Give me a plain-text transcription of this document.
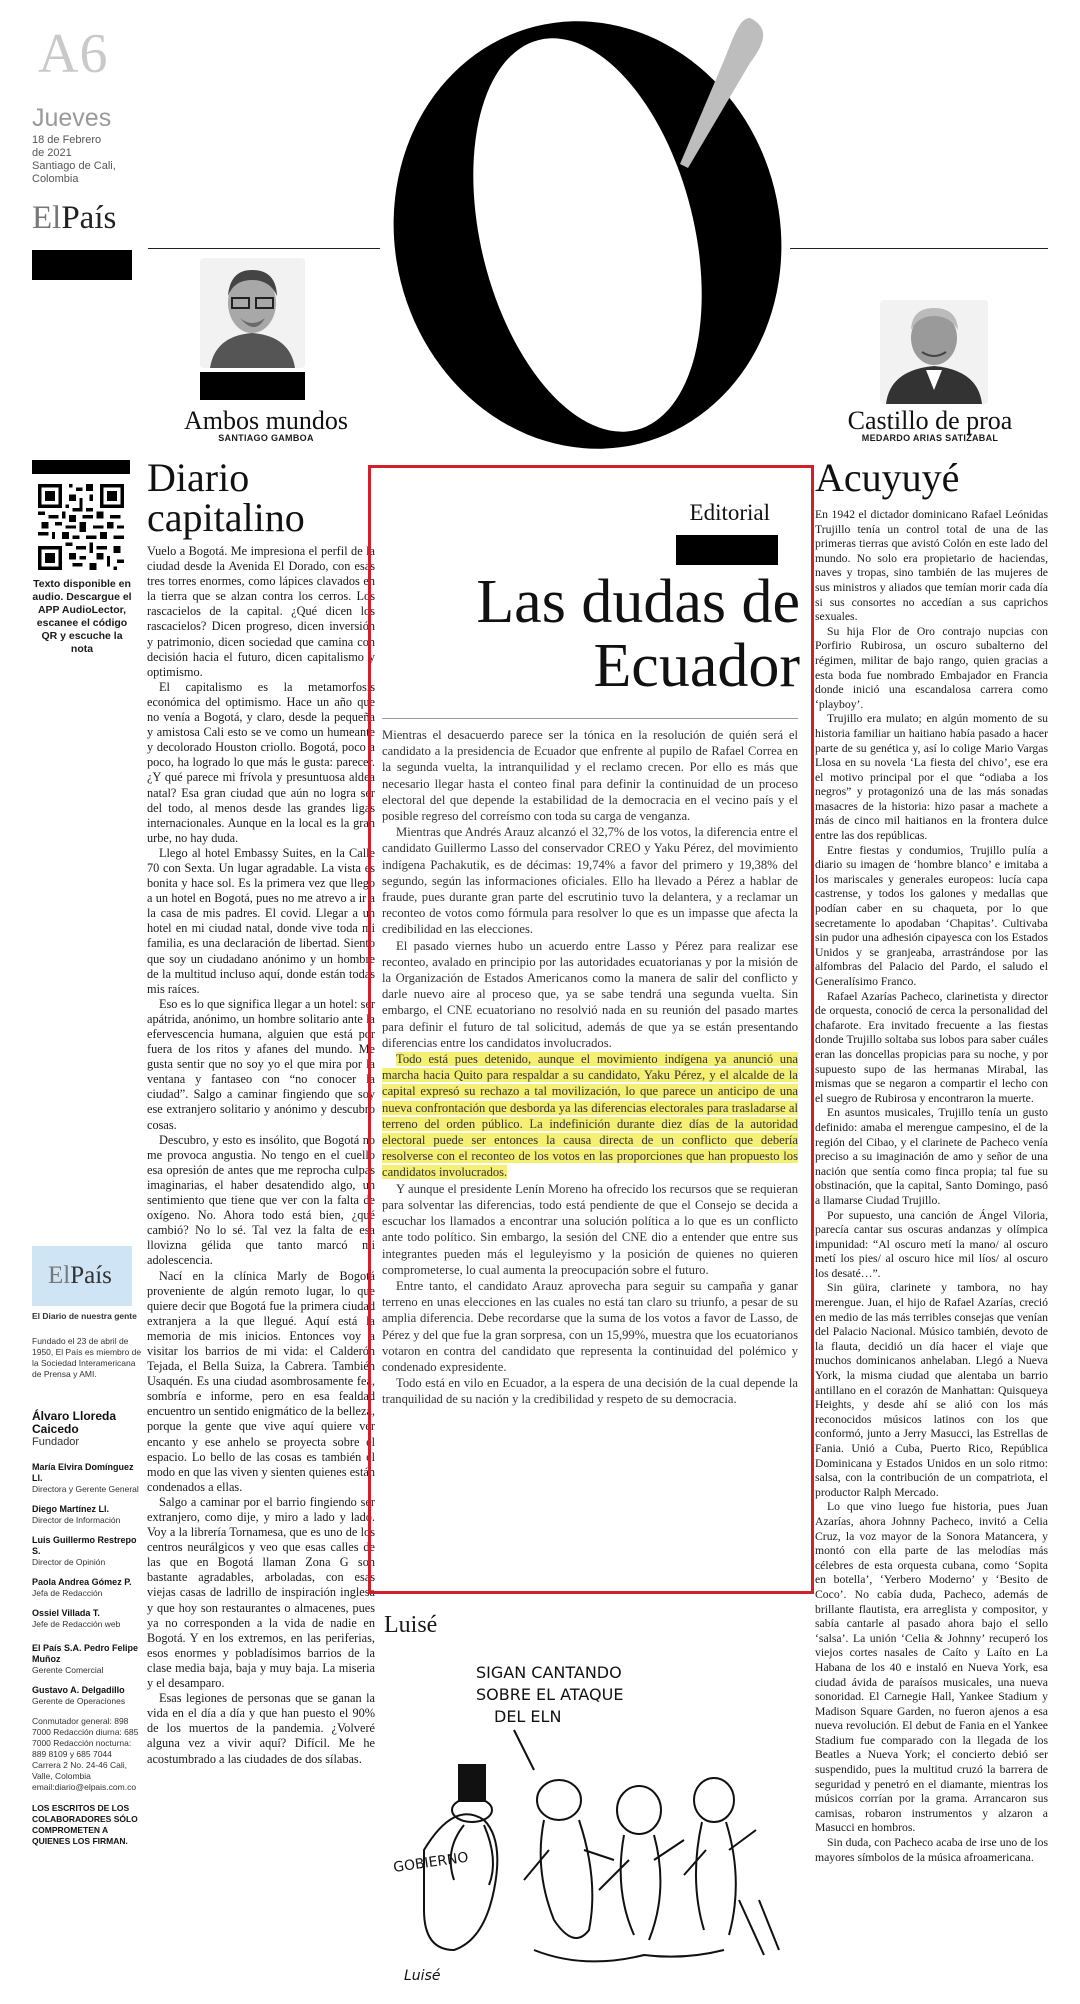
A6
Jueves
18 de Febrero
de 2021
Santiago de Cali,
Colombia
ElPaís
Ambos mundos
SANTIAGO GAMBOA
Castillo de proa
MEDARDO ARIAS SATIZABAL
Texto disponible en audio. Descargue el APP AudioLector, escanee el código QR y escuche la nota
Diario capitalino

Vuelo a Bogotá. Me impresiona el perfil de la ciudad desde la Avenida El Dorado, con esas tres torres enormes, como lápices clavados en la tierra que se alzan contra los cerros. Los rascacielos de la capital. ¿Qué dicen los rascacielos? Dicen progreso, dicen inversión y patrimonio, dicen sociedad que camina con decisión hacia el futuro, dicen capitalismo y optimismo.

El capitalismo es la metamorfosis económica del optimismo. Hace un año que no venía a Bogotá, y claro, desde la pequeña y amistosa Cali esto se ve como un humeante y decolorado Houston criollo. Bogotá, poco a poco, ha logrado lo que más le gusta: parecer. ¿Y qué parece mi frívola y presuntuosa aldea natal? Esa gran ciudad que aún no logra ser del todo, al menos desde las grandes ligas internacionales. Aunque en la local es la gran urbe, no hay duda.

Llego al hotel Embassy Suites, en la Calle 70 con Sexta. Un lugar agradable. La vista es bonita y hace sol. Es la primera vez que llego a un hotel en Bogotá, pues no me atrevo a ir a la casa de mis padres. El covid. Llegar a un hotel en mi ciudad natal, donde vive toda mi familia, es una declaración de libertad. Siento que soy un ciudadano anónimo y un hombre de la multitud incluso aquí, donde están todas mis raíces.

Eso es lo que significa llegar a un hotel: ser apátrida, anónimo, un hombre solitario ante la efervescencia humana, alguien que está por fuera de los ritos y afanes del mundo. Me gusta sentir que no soy yo el que mira por la ventana y fantaseo con “no conocer la ciudad”. Salgo a caminar fingiendo que soy ese extranjero solitario y anónimo y descubro cosas.

Descubro, y esto es insólito, que Bogotá no me provoca angustia. No tengo en el cuello esa opresión de antes que me reprocha culpas imaginarias, el haber desatendido algo, un sentimiento que tiene que ver con la falta de oxígeno. No. Ahora todo está bien, ¿qué cambió? No lo sé. Tal vez la falta de esa llovizna gélida que tanto marcó mi adolescencia.

Nací en la clínica Marly de Bogotá proveniente de algún remoto lugar, lo que quiere decir que Bogotá fue la primera ciudad extranjera a la que llegué. Aquí está la memoria de mis inicios. Entonces voy a visitar los barrios de mi vida: el Calderón Tejada, el Bella Suiza, la Cabrera. También Usaquén. Es una ciudad asombrosamente fea, sombría e informe, pero en esa fealdad encuentro un sentido enigmático de la belleza, porque la gente que vive aquí quiere ver encanto y ese anhelo se proyecta sobre el espacio. Lo bello de las cosas es también el modo en que las viven y sienten quienes están condenados a ellas.

Salgo a caminar por el barrio fingiendo ser extranjero, como dije, y miro a lado y lado. Voy a la librería Tornamesa, que es uno de los centros neurálgicos y veo que esas calles de las que en Bogotá llaman Zona G son bastante agradables, arboladas, con esas viejas casas de ladrillo de inspiración inglesa y que hoy son restaurantes o almacenes, pues ya no corresponden a la vida de nadie en Bogotá. Y en los extremos, en las periferias, esos enormes y pobladísimos barrios de la clase media baja, baja y muy baja. La miseria y el desamparo.

Esas legiones de personas que se ganan la vida en el día a día y que han puesto el 90% de los muertos de la pandemia. ¿Volveré alguna vez a vivir aquí? Difícil. Me he acostumbrado a las ciudades de dos sílabas.

ElPaís
El Diario de nuestra gente
Fundado el 23 de abril de 1950, El País es miembro de la Sociedad Interamericana de Prensa y AMI.
Álvaro Lloreda Caicedo
Fundador
María Elvira Domínguez Ll.
Directora y Gerente General
Diego Martínez Ll.
Director de Información
Luis Guillermo Restrepo S.
Director de Opinión
Paola Andrea Gómez P.
Jefa de Redacción
Ossiel Villada T.
Jefe de Redacción web
El País S.A. Pedro Felipe Muñoz
Gerente Comercial
Gustavo A. Delgadillo
Gerente de Operaciones
Conmutador general: 898 7000 Redacción diurna: 685 7000 Redacción nocturna: 889 8109 y 685 7044 Carrera 2 No. 24-46 Cali, Valle, Colombia email:diario@elpais.com.co
LOS ESCRITOS DE LOS COLABORADORES SÓLO COMPROMETEN A QUIENES LOS FIRMAN.
Editorial
Las dudas de Ecuador

Mientras el desacuerdo parece ser la tónica en la resolución de quién será el candidato a la presidencia de Ecuador que enfrente al pupilo de Rafael Correa en la segunda vuelta, la intranquilidad y el reclamo crecen. Por ello es más que necesario llegar hasta el conteo final para definir la continuidad de un proceso electoral del que depende la estabilidad de la democracia en el vecino país y el posible regreso del correísmo con toda su carga de venganza.

Mientras que Andrés Arauz alcanzó el 32,7% de los votos, la diferencia entre el candidato Guillermo Lasso del conservador CREO y Yaku Pérez, del movimiento indígena Pachakutik, es de décimas: 19,74% a favor del primero y 19,38% del segundo, según las informaciones oficiales. Ello ha llevado a Pérez a hablar de fraude, pues durante gran parte del escrutinio tuvo la delantera, y a reclamar un reconteo de votos como fórmula para resolver lo que es un impasse que afecta la credibilidad en las elecciones.

El pasado viernes hubo un acuerdo entre Lasso y Pérez para realizar ese reconteo, avalado en principio por las autoridades ecuatorianas y por la misión de la Organización de Estados Americanos como la manera de salir del conflicto y darle nuevo aire al proceso que, ya se sabe tendrá una segunda vuelta. Sin embargo, el CNE ecuatoriano no resolvió nada en su reunión del pasado martes para definir el futuro de tal solicitud, además de que ya se están presentando diferencias entre los candidatos involucrados.

Todo está pues detenido, aunque el movimiento indígena ya anunció una marcha hacia Quito para respaldar a su candidato, Yaku Pérez, y el alcalde de la capital expresó su rechazo a tal movilización, lo que parece un anticipo de una nueva confrontación que desborda ya las diferencias electorales para trasladarse al terreno del orden público. La indefinición durante diez días de la autoridad electoral puede ser entonces la causa directa de un conflicto que debería resolverse con el reconteo de los votos en las proporciones que han propuesto los candidatos involucrados.

Y aunque el presidente Lenín Moreno ha ofrecido los recursos que se requieran para solventar las diferencias, todo está pendiente de que el Consejo se decida a escuchar los llamados a encontrar una solución política a lo que es un conflicto ante todo político. Sin embargo, la sesión del CNE dio a entender que entre sus integrantes pueden más el leguleyismo y la posición de quienes no quieren comprometerse, lo cual aumenta la preocupación sobre el futuro.

Entre tanto, el candidato Arauz aprovecha para seguir su campaña y ganar terreno en unas elecciones en las cuales no está tan claro su triunfo, a pesar de su amplia diferencia. Debe recordarse que la suma de los votos a favor de Lasso, de Pérez y del que fue la gran sorpresa, con un 15,99%, muestra que los ecuatorianos votaron en contra del candidato que representa la continuidad del polémico y condenado expresidente.

Todo está en vilo en Ecuador, a la espera de una decisión de la cual depende la tranquilidad de su nación y la credibilidad y respeto de su democracia.

Luisé
SIGAN CANTANDO
SOBRE EL ATAQUE
DEL ELN
GOBIERNO
Luisé
Acuyuyé

En 1942 el dictador dominicano Rafael Leónidas Trujillo tenía un control total de una de las primeras tierras que avistó Colón en este lado del mundo. No solo era propietario de haciendas, naves y tropas, sino también de las mujeres de sus ministros y aliados que temían morir cada día si sus consortes no accedían a sus caprichos sexuales.

Su hija Flor de Oro contrajo nupcias con Porfirio Rubirosa, un oscuro subalterno del régimen, militar de bajo rango, quien gracias a esta boda fue nombrado Embajador en Francia donde inició una escandalosa carrera como ‘playboy’.

Trujillo era mulato; en algún momento de su historia familiar un haitiano había pasado a hacer parte de su genética y, así lo colige Mario Vargas Llosa en su novela ‘La fiesta del chivo’, ese era el motivo principal por el que “odiaba a los negros” y protagonizó una de las más sonadas masacres de la historia: hizo pasar a machete a más de cinco mil haitianos en la frontera dulce entre las dos repúblicas.

Entre fiestas y condumios, Trujillo pulía a diario su imagen de ‘hombre blanco’ e imitaba a los mariscales y generales europeos: lucía capa castrense, y todos los galones y medallas que podían caber en su chaqueta, por lo que secretamente lo apodaban ‘Chapitas’. Cultivaba sin pudor una adhesión cipayesca con los Estados Unidos y se granjeaba, arrastrándose por las alfombras del Palacio del Pardo, el saludo el Generalísimo Franco.

Rafael Azarías Pacheco, clarinetista y director de orquesta, conoció de cerca la personalidad del chafarote. Era invitado frecuente a las fiestas donde Trujillo soltaba sus lobos para saber cuáles eran las doncellas propicias para su noche, y por supuesto supo de las hermanas Mirabal, las mismas que se negaron a compartir el lecho con el suegro de Rubirosa y encontraron la muerte.

En asuntos musicales, Trujillo tenía un gusto definido: amaba el merengue campesino, el de la región del Cibao, y el clarinete de Pacheco venía preciso a su imaginación de amo y señor de una nación que sentía como finca propia; tal fue su obstinación, que la capital, Santo Domingo, pasó a llamarse Ciudad Trujillo.

Por supuesto, una canción de Ángel Viloria, parecía cantar sus oscuras andanzas y olímpica impunidad: “Al oscuro metí la mano/ al oscuro metí los pies/ al oscuro hice mil líos/ al oscuro los desaté…”.

Sin güira, clarinete y tambora, no hay merengue. Juan, el hijo de Rafael Azarías, creció en medio de las más terribles consejas que venían del Palacio Nacional. Músico también, devoto de la flauta, decidió un día hacer el viaje que muchos dominicanos anhelaban. Llegó a Nueva York, la misma ciudad que alentaba un barrio antillano en el corazón de Manhattan: Quisqueya Heights, y desde ahí se alió con los más reconocidos músicos latinos con los que conformó, junto a Jerry Masucci, las Estrellas de Fania. Unió a Cuba, Puerto Rico, República Dominicana y Estados Unidos en un solo ritmo: salsa, con la contribución de un compatriota, el productor Ralph Mercado.

Lo que vino luego fue historia, pues Juan Azarías, ahora Johnny Pacheco, invitó a Celia Cruz, la voz mayor de la Sonora Matancera, y montó con ella parte de las melodías más célebres de esta orquesta cubana, como ‘Sopita en botella’, ‘Yerbero Moderno’ y ‘Besito de Coco’. No cabía duda, Pacheco, además de brillante flautista, era arreglista y compositor, y sabía cantarle al pasado ahora bajo el sello ‘salsa’. La unión ‘Celia & Johnny’ recuperó los viejos cortes nasales de Caíto y Laíto en La Habana de los 40 e instaló en Nueva York, esa ciudad ávida de paraísos musicales, una nueva sonoridad. El Carnegie Hall, Yankee Stadium y Madison Square Garden, no fueron ajenos a esa nueva revolución. El debut de Fania en el Yankee Stadium fue comparado con la llegada de los Beatles a Nueva York; el concierto debió ser suspendido, pues la multitud cruzó la barrera de seguridad y penetró en el diamante, mientras los músicos corrían por la grama. Arrancaron sus camisas, robaron instrumentos y alzaron a Masucci en hombros.

Sin duda, con Pacheco acaba de irse uno de los mayores símbolos de la música afroamericana.
